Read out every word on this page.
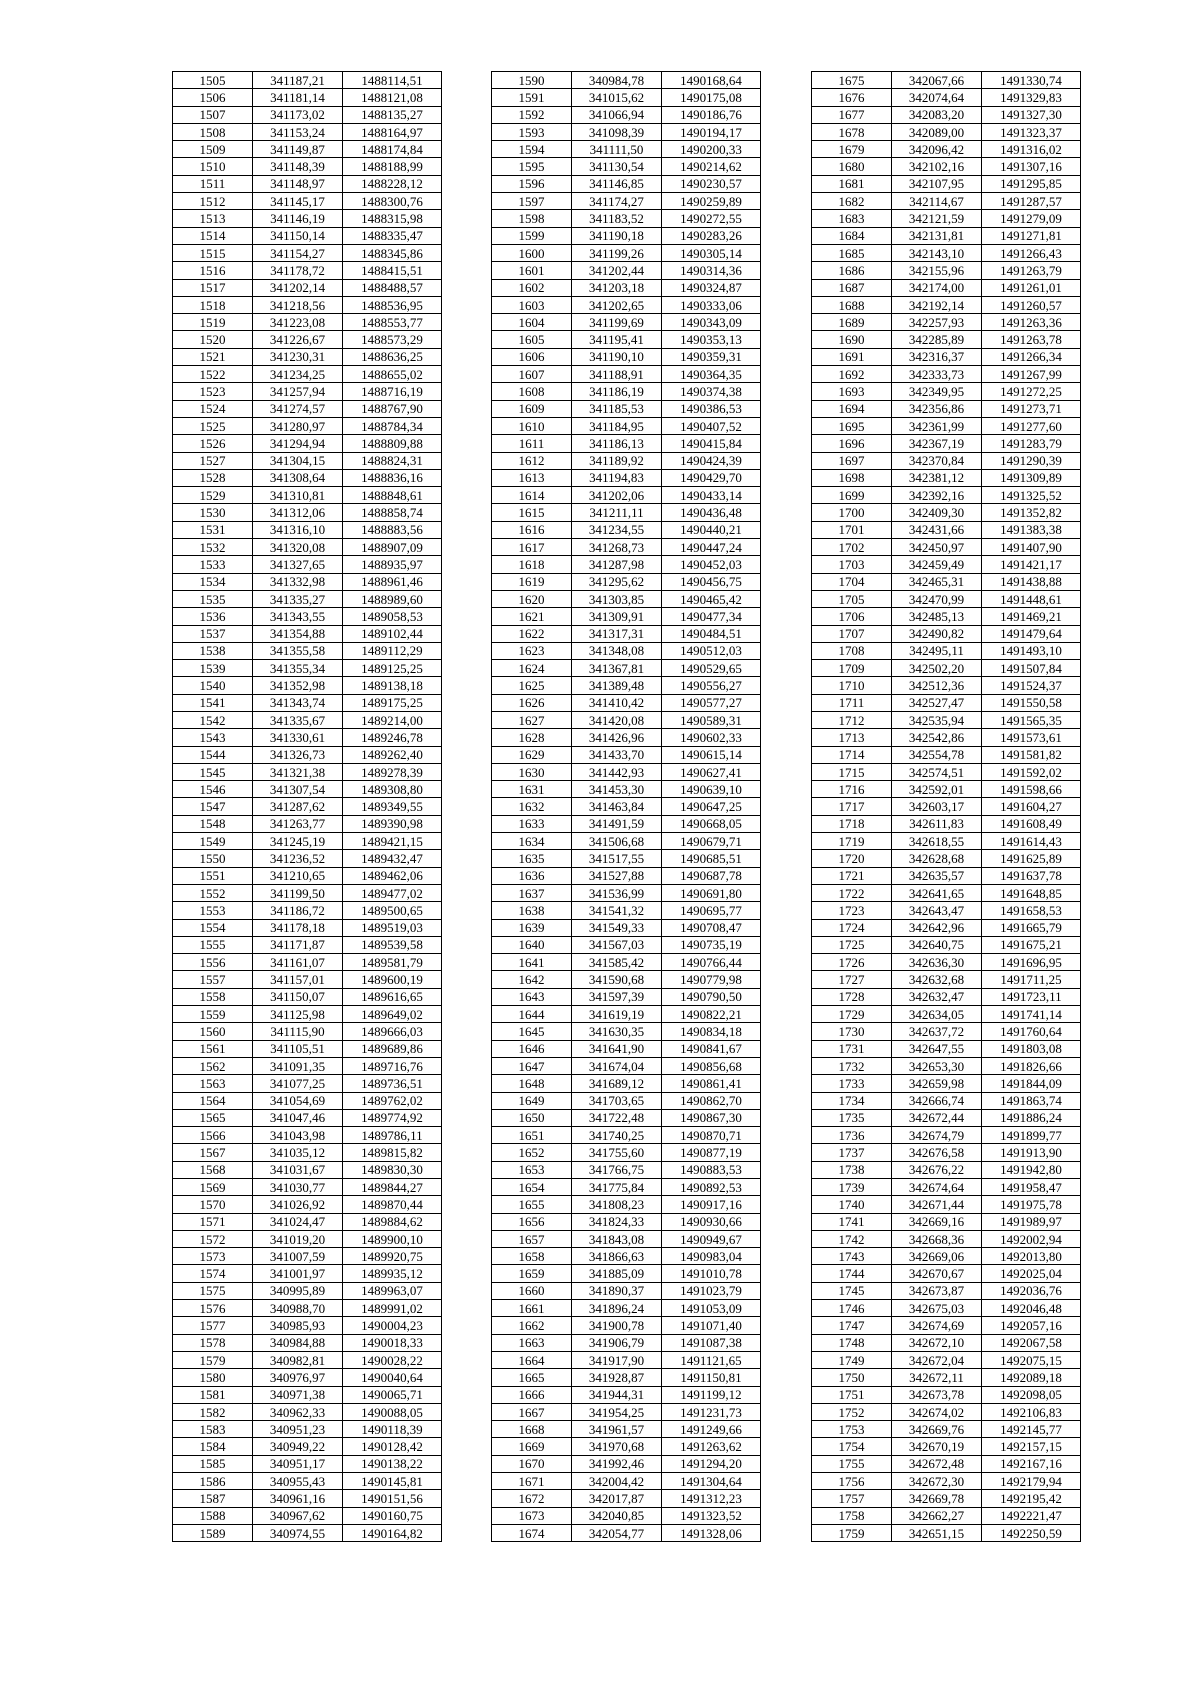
1505	341187,21	1488114,51
1506	341181,14	1488121,08
1507	341173,02	1488135,27
1508	341153,24	1488164,97
1509	341149,87	1488174,84
1510	341148,39	1488188,99
1511	341148,97	1488228,12
1512	341145,17	1488300,76
1513	341146,19	1488315,98
1514	341150,14	1488335,47
1515	341154,27	1488345,86
1516	341178,72	1488415,51
1517	341202,14	1488488,57
1518	341218,56	1488536,95
1519	341223,08	1488553,77
1520	341226,67	1488573,29
1521	341230,31	1488636,25
1522	341234,25	1488655,02
1523	341257,94	1488716,19
1524	341274,57	1488767,90
1525	341280,97	1488784,34
1526	341294,94	1488809,88
1527	341304,15	1488824,31
1528	341308,64	1488836,16
1529	341310,81	1488848,61
1530	341312,06	1488858,74
1531	341316,10	1488883,56
1532	341320,08	1488907,09
1533	341327,65	1488935,97
1534	341332,98	1488961,46
1535	341335,27	1488989,60
1536	341343,55	1489058,53
1537	341354,88	1489102,44
1538	341355,58	1489112,29
1539	341355,34	1489125,25
1540	341352,98	1489138,18
1541	341343,74	1489175,25
1542	341335,67	1489214,00
1543	341330,61	1489246,78
1544	341326,73	1489262,40
1545	341321,38	1489278,39
1546	341307,54	1489308,80
1547	341287,62	1489349,55
1548	341263,77	1489390,98
1549	341245,19	1489421,15
1550	341236,52	1489432,47
1551	341210,65	1489462,06
1552	341199,50	1489477,02
1553	341186,72	1489500,65
1554	341178,18	1489519,03
1555	341171,87	1489539,58
1556	341161,07	1489581,79
1557	341157,01	1489600,19
1558	341150,07	1489616,65
1559	341125,98	1489649,02
1560	341115,90	1489666,03
1561	341105,51	1489689,86
1562	341091,35	1489716,76
1563	341077,25	1489736,51
1564	341054,69	1489762,02
1565	341047,46	1489774,92
1566	341043,98	1489786,11
1567	341035,12	1489815,82
1568	341031,67	1489830,30
1569	341030,77	1489844,27
1570	341026,92	1489870,44
1571	341024,47	1489884,62
1572	341019,20	1489900,10
1573	341007,59	1489920,75
1574	341001,97	1489935,12
1575	340995,89	1489963,07
1576	340988,70	1489991,02
1577	340985,93	1490004,23
1578	340984,88	1490018,33
1579	340982,81	1490028,22
1580	340976,97	1490040,64
1581	340971,38	1490065,71
1582	340962,33	1490088,05
1583	340951,23	1490118,39
1584	340949,22	1490128,42
1585	340951,17	1490138,22
1586	340955,43	1490145,81
1587	340961,16	1490151,56
1588	340967,62	1490160,75
1589	340974,55	1490164,82
1590	340984,78	1490168,64
1591	341015,62	1490175,08
1592	341066,94	1490186,76
1593	341098,39	1490194,17
1594	341111,50	1490200,33
1595	341130,54	1490214,62
1596	341146,85	1490230,57
1597	341174,27	1490259,89
1598	341183,52	1490272,55
1599	341190,18	1490283,26
1600	341199,26	1490305,14
1601	341202,44	1490314,36
1602	341203,18	1490324,87
1603	341202,65	1490333,06
1604	341199,69	1490343,09
1605	341195,41	1490353,13
1606	341190,10	1490359,31
1607	341188,91	1490364,35
1608	341186,19	1490374,38
1609	341185,53	1490386,53
1610	341184,95	1490407,52
1611	341186,13	1490415,84
1612	341189,92	1490424,39
1613	341194,83	1490429,70
1614	341202,06	1490433,14
1615	341211,11	1490436,48
1616	341234,55	1490440,21
1617	341268,73	1490447,24
1618	341287,98	1490452,03
1619	341295,62	1490456,75
1620	341303,85	1490465,42
1621	341309,91	1490477,34
1622	341317,31	1490484,51
1623	341348,08	1490512,03
1624	341367,81	1490529,65
1625	341389,48	1490556,27
1626	341410,42	1490577,27
1627	341420,08	1490589,31
1628	341426,96	1490602,33
1629	341433,70	1490615,14
1630	341442,93	1490627,41
1631	341453,30	1490639,10
1632	341463,84	1490647,25
1633	341491,59	1490668,05
1634	341506,68	1490679,71
1635	341517,55	1490685,51
1636	341527,88	1490687,78
1637	341536,99	1490691,80
1638	341541,32	1490695,77
1639	341549,33	1490708,47
1640	341567,03	1490735,19
1641	341585,42	1490766,44
1642	341590,68	1490779,98
1643	341597,39	1490790,50
1644	341619,19	1490822,21
1645	341630,35	1490834,18
1646	341641,90	1490841,67
1647	341674,04	1490856,68
1648	341689,12	1490861,41
1649	341703,65	1490862,70
1650	341722,48	1490867,30
1651	341740,25	1490870,71
1652	341755,60	1490877,19
1653	341766,75	1490883,53
1654	341775,84	1490892,53
1655	341808,23	1490917,16
1656	341824,33	1490930,66
1657	341843,08	1490949,67
1658	341866,63	1490983,04
1659	341885,09	1491010,78
1660	341890,37	1491023,79
1661	341896,24	1491053,09
1662	341900,78	1491071,40
1663	341906,79	1491087,38
1664	341917,90	1491121,65
1665	341928,87	1491150,81
1666	341944,31	1491199,12
1667	341954,25	1491231,73
1668	341961,57	1491249,66
1669	341970,68	1491263,62
1670	341992,46	1491294,20
1671	342004,42	1491304,64
1672	342017,87	1491312,23
1673	342040,85	1491323,52
1674	342054,77	1491328,06
1675	342067,66	1491330,74
1676	342074,64	1491329,83
1677	342083,20	1491327,30
1678	342089,00	1491323,37
1679	342096,42	1491316,02
1680	342102,16	1491307,16
1681	342107,95	1491295,85
1682	342114,67	1491287,57
1683	342121,59	1491279,09
1684	342131,81	1491271,81
1685	342143,10	1491266,43
1686	342155,96	1491263,79
1687	342174,00	1491261,01
1688	342192,14	1491260,57
1689	342257,93	1491263,36
1690	342285,89	1491263,78
1691	342316,37	1491266,34
1692	342333,73	1491267,99
1693	342349,95	1491272,25
1694	342356,86	1491273,71
1695	342361,99	1491277,60
1696	342367,19	1491283,79
1697	342370,84	1491290,39
1698	342381,12	1491309,89
1699	342392,16	1491325,52
1700	342409,30	1491352,82
1701	342431,66	1491383,38
1702	342450,97	1491407,90
1703	342459,49	1491421,17
1704	342465,31	1491438,88
1705	342470,99	1491448,61
1706	342485,13	1491469,21
1707	342490,82	1491479,64
1708	342495,11	1491493,10
1709	342502,20	1491507,84
1710	342512,36	1491524,37
1711	342527,47	1491550,58
1712	342535,94	1491565,35
1713	342542,86	1491573,61
1714	342554,78	1491581,82
1715	342574,51	1491592,02
1716	342592,01	1491598,66
1717	342603,17	1491604,27
1718	342611,83	1491608,49
1719	342618,55	1491614,43
1720	342628,68	1491625,89
1721	342635,57	1491637,78
1722	342641,65	1491648,85
1723	342643,47	1491658,53
1724	342642,96	1491665,79
1725	342640,75	1491675,21
1726	342636,30	1491696,95
1727	342632,68	1491711,25
1728	342632,47	1491723,11
1729	342634,05	1491741,14
1730	342637,72	1491760,64
1731	342647,55	1491803,08
1732	342653,30	1491826,66
1733	342659,98	1491844,09
1734	342666,74	1491863,74
1735	342672,44	1491886,24
1736	342674,79	1491899,77
1737	342676,58	1491913,90
1738	342676,22	1491942,80
1739	342674,64	1491958,47
1740	342671,44	1491975,78
1741	342669,16	1491989,97
1742	342668,36	1492002,94
1743	342669,06	1492013,80
1744	342670,67	1492025,04
1745	342673,87	1492036,76
1746	342675,03	1492046,48
1747	342674,69	1492057,16
1748	342672,10	1492067,58
1749	342672,04	1492075,15
1750	342672,11	1492089,18
1751	342673,78	1492098,05
1752	342674,02	1492106,83
1753	342669,76	1492145,77
1754	342670,19	1492157,15
1755	342672,48	1492167,16
1756	342672,30	1492179,94
1757	342669,78	1492195,42
1758	342662,27	1492221,47
1759	342651,15	1492250,59
